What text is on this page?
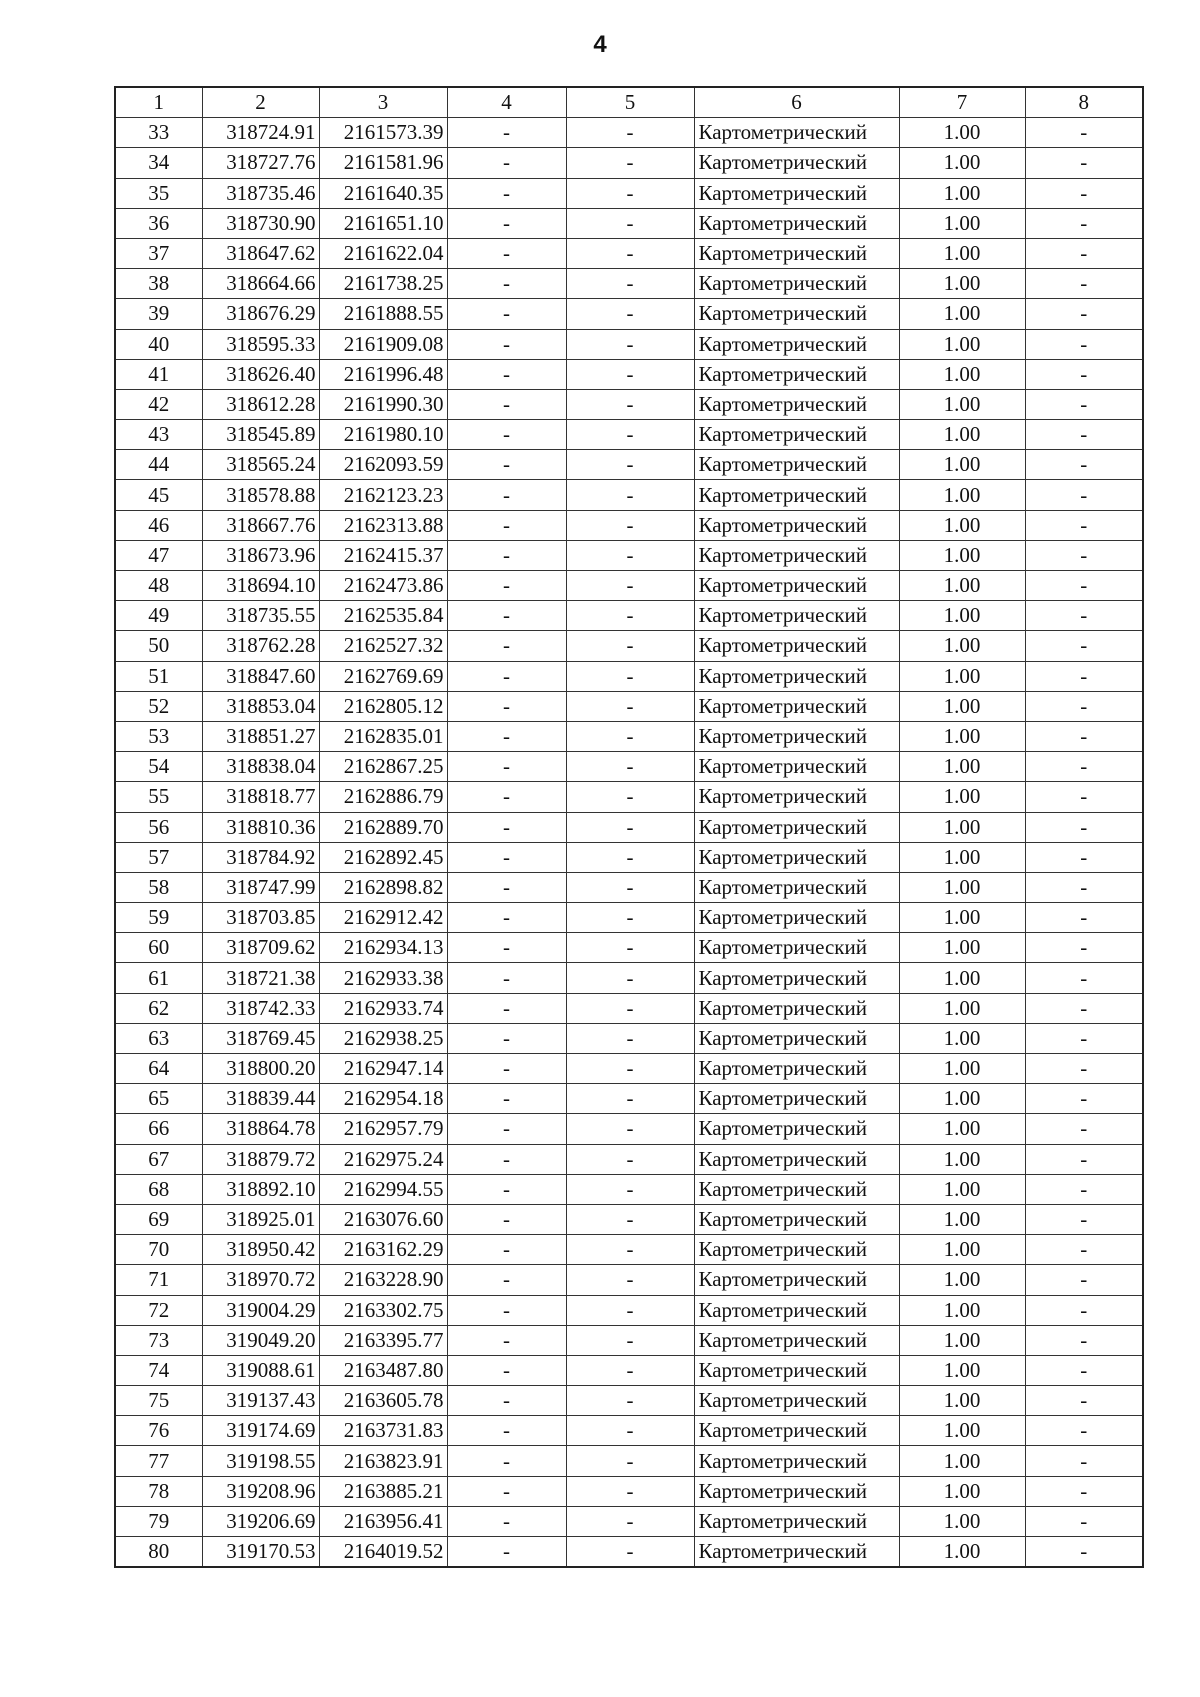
4
1	2	3	4	5	6	7	8
33	318724.91	2161573.39	-	-	Картометрический	1.00	-
34	318727.76	2161581.96	-	-	Картометрический	1.00	-
35	318735.46	2161640.35	-	-	Картометрический	1.00	-
36	318730.90	2161651.10	-	-	Картометрический	1.00	-
37	318647.62	2161622.04	-	-	Картометрический	1.00	-
38	318664.66	2161738.25	-	-	Картометрический	1.00	-
39	318676.29	2161888.55	-	-	Картометрический	1.00	-
40	318595.33	2161909.08	-	-	Картометрический	1.00	-
41	318626.40	2161996.48	-	-	Картометрический	1.00	-
42	318612.28	2161990.30	-	-	Картометрический	1.00	-
43	318545.89	2161980.10	-	-	Картометрический	1.00	-
44	318565.24	2162093.59	-	-	Картометрический	1.00	-
45	318578.88	2162123.23	-	-	Картометрический	1.00	-
46	318667.76	2162313.88	-	-	Картометрический	1.00	-
47	318673.96	2162415.37	-	-	Картометрический	1.00	-
48	318694.10	2162473.86	-	-	Картометрический	1.00	-
49	318735.55	2162535.84	-	-	Картометрический	1.00	-
50	318762.28	2162527.32	-	-	Картометрический	1.00	-
51	318847.60	2162769.69	-	-	Картометрический	1.00	-
52	318853.04	2162805.12	-	-	Картометрический	1.00	-
53	318851.27	2162835.01	-	-	Картометрический	1.00	-
54	318838.04	2162867.25	-	-	Картометрический	1.00	-
55	318818.77	2162886.79	-	-	Картометрический	1.00	-
56	318810.36	2162889.70	-	-	Картометрический	1.00	-
57	318784.92	2162892.45	-	-	Картометрический	1.00	-
58	318747.99	2162898.82	-	-	Картометрический	1.00	-
59	318703.85	2162912.42	-	-	Картометрический	1.00	-
60	318709.62	2162934.13	-	-	Картометрический	1.00	-
61	318721.38	2162933.38	-	-	Картометрический	1.00	-
62	318742.33	2162933.74	-	-	Картометрический	1.00	-
63	318769.45	2162938.25	-	-	Картометрический	1.00	-
64	318800.20	2162947.14	-	-	Картометрический	1.00	-
65	318839.44	2162954.18	-	-	Картометрический	1.00	-
66	318864.78	2162957.79	-	-	Картометрический	1.00	-
67	318879.72	2162975.24	-	-	Картометрический	1.00	-
68	318892.10	2162994.55	-	-	Картометрический	1.00	-
69	318925.01	2163076.60	-	-	Картометрический	1.00	-
70	318950.42	2163162.29	-	-	Картометрический	1.00	-
71	318970.72	2163228.90	-	-	Картометрический	1.00	-
72	319004.29	2163302.75	-	-	Картометрический	1.00	-
73	319049.20	2163395.77	-	-	Картометрический	1.00	-
74	319088.61	2163487.80	-	-	Картометрический	1.00	-
75	319137.43	2163605.78	-	-	Картометрический	1.00	-
76	319174.69	2163731.83	-	-	Картометрический	1.00	-
77	319198.55	2163823.91	-	-	Картометрический	1.00	-
78	319208.96	2163885.21	-	-	Картометрический	1.00	-
79	319206.69	2163956.41	-	-	Картометрический	1.00	-
80	319170.53	2164019.52	-	-	Картометрический	1.00	-
